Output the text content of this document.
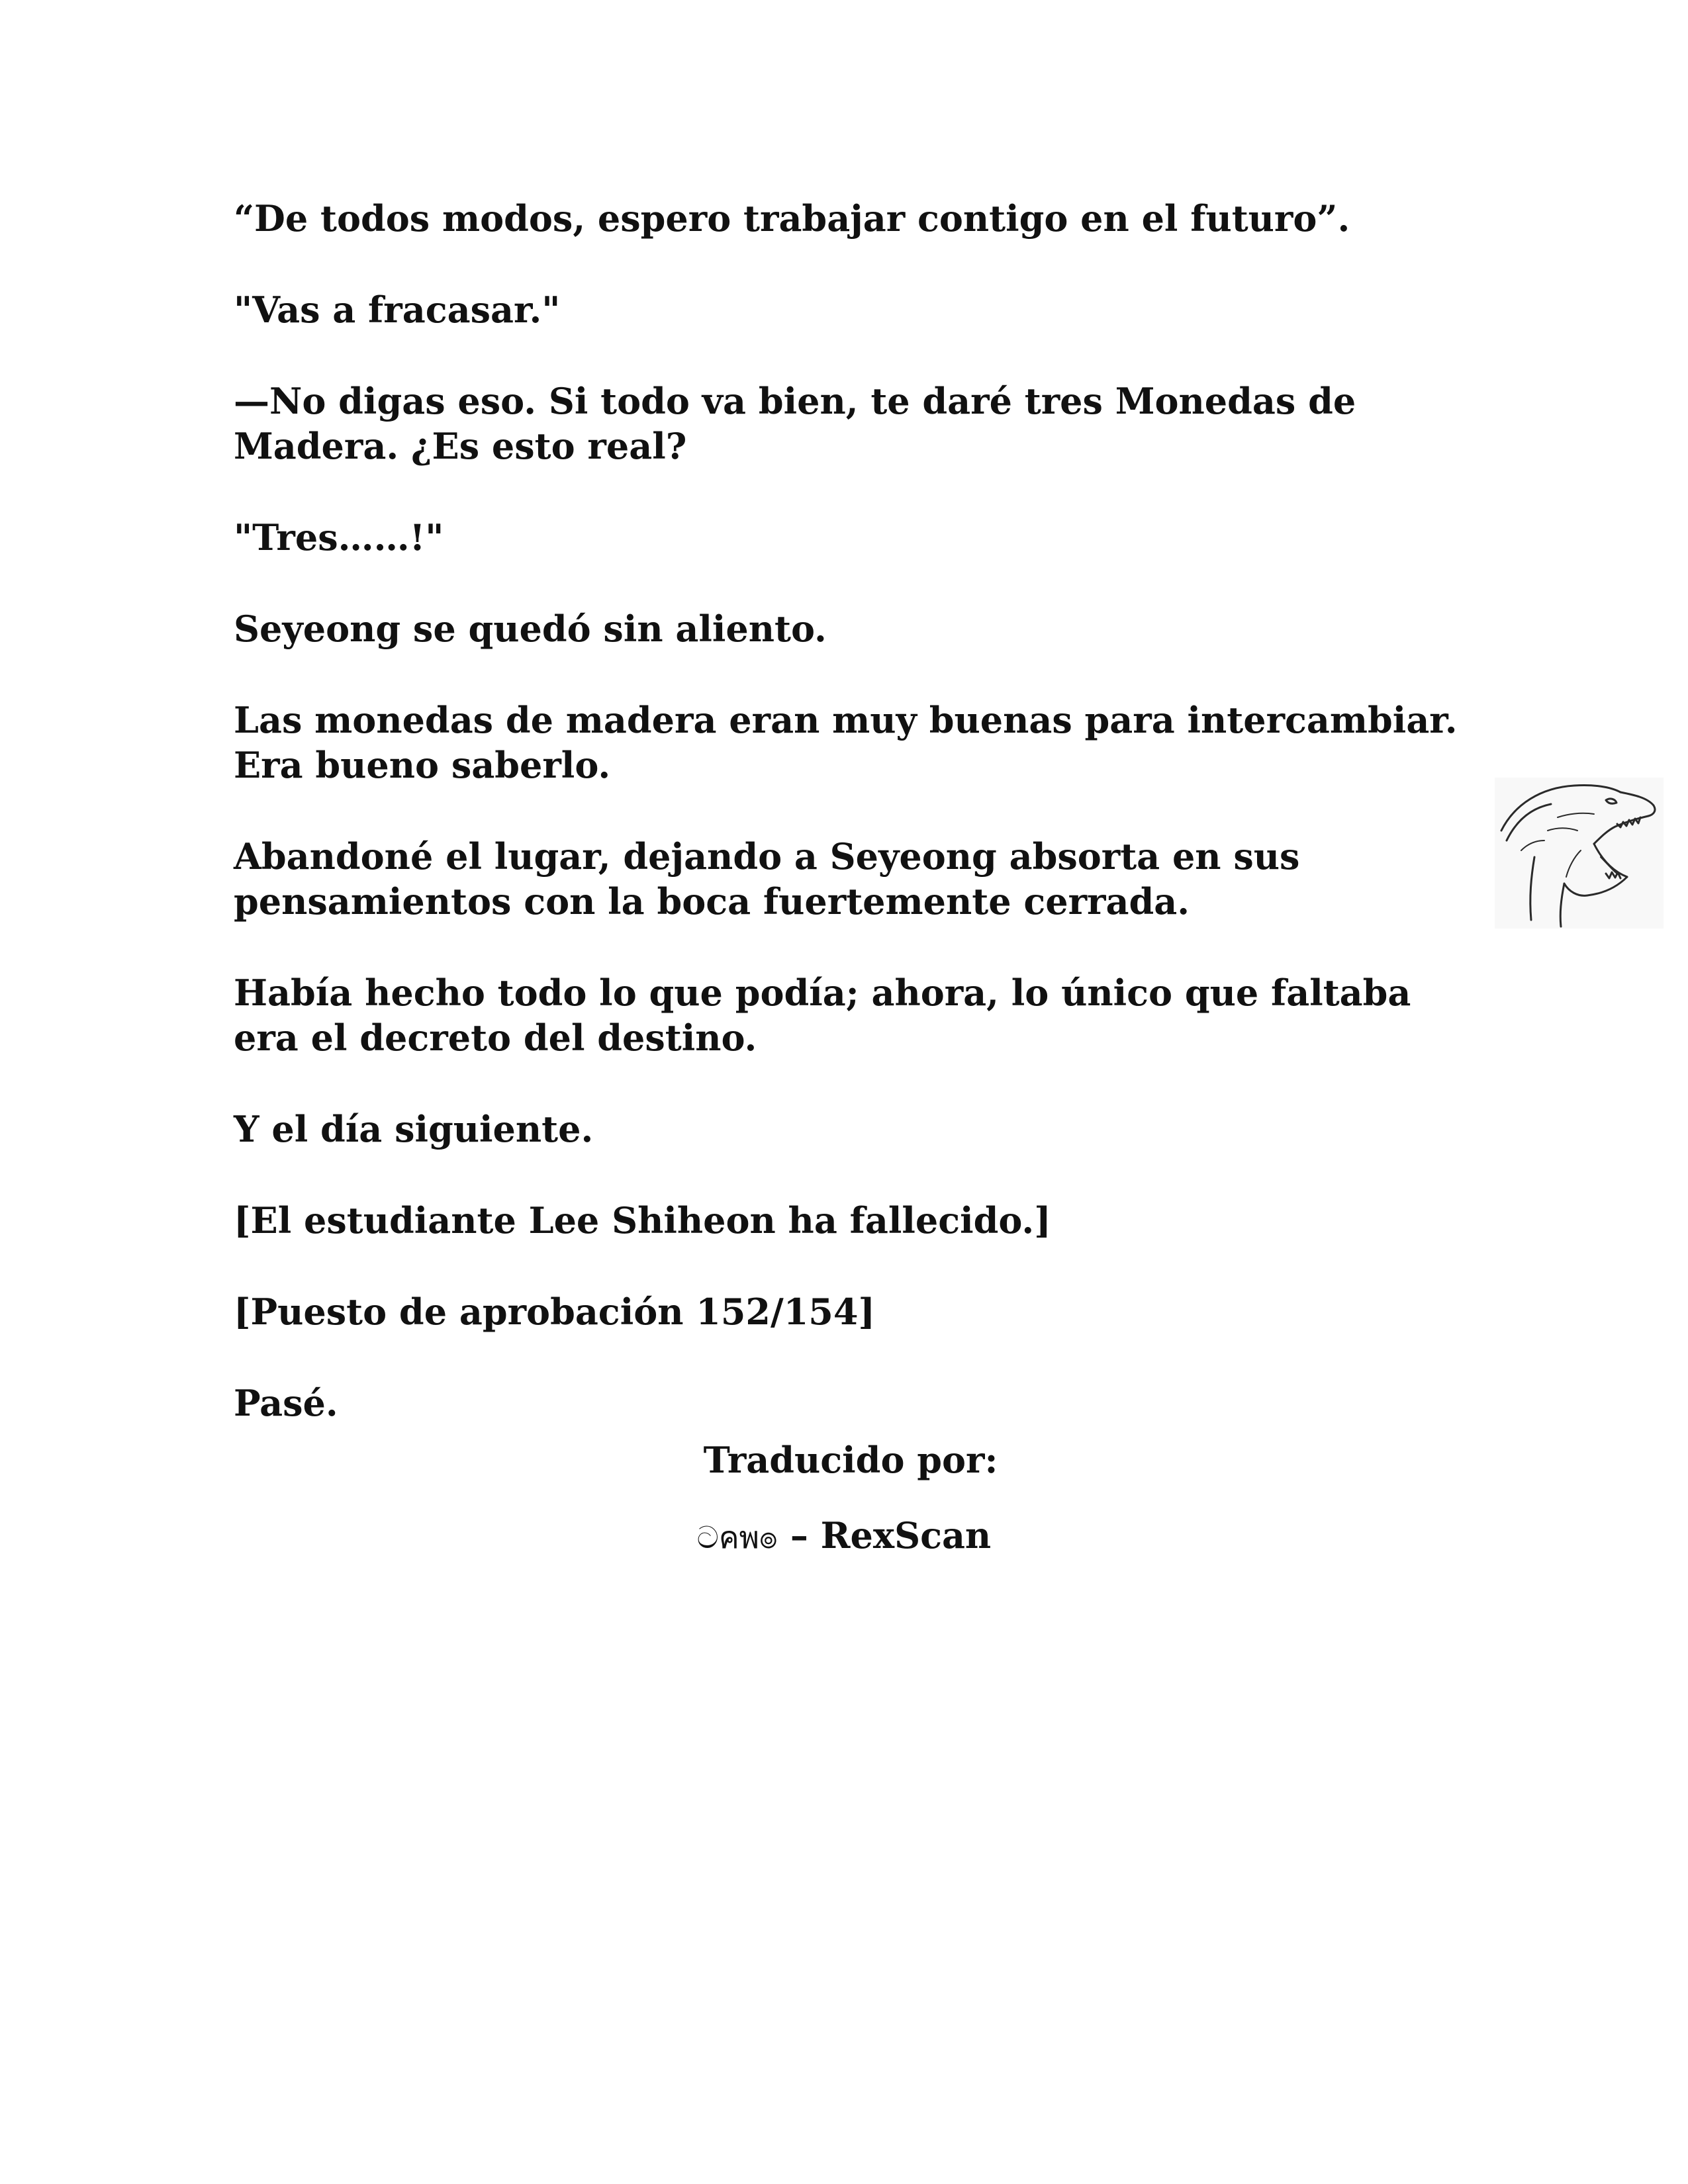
“De todos modos, espero trabajar contigo en el futuro”.

"Vas a fracasar."

—No digas eso. Si todo va bien, te daré tres Monedas de
Madera. ¿Es esto real?

"Tres……!"

Seyeong se quedó sin aliento.

Las monedas de madera eran muy buenas para intercambiar.
Era bueno saberlo.

Abandoné el lugar, dejando a Seyeong absorta en sus
pensamientos con la boca fuertemente cerrada.

Había hecho todo lo que podía; ahora, lo único que faltaba
era el decreto del destino.

Y el día siguiente.

[El estudiante Lee Shiheon ha fallecido.]

[Puesto de aprobación 152/154]

Pasé.

Traducido por:
ටคพ๏ – RexScan
